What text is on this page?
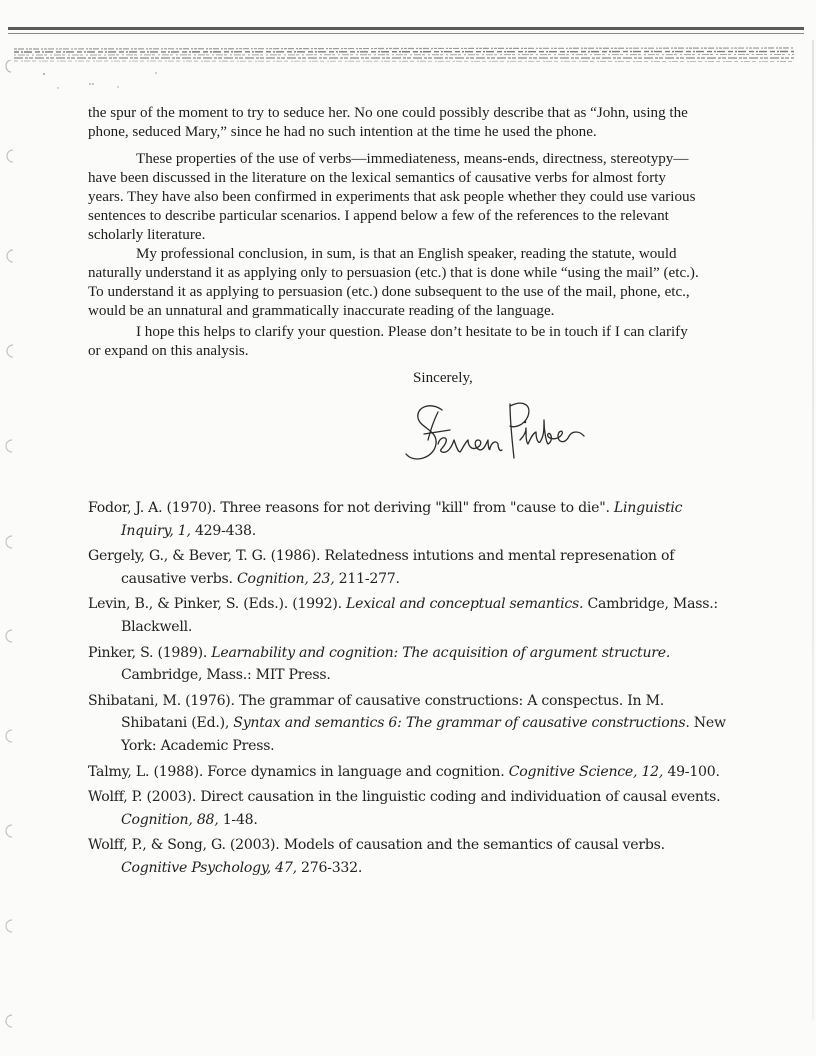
the spur of the moment to try to seduce her. No one could possibly describe that as “John, using the phone, seduced Mary,” since he had no such intention at the time he used the phone.

These properties of the use of verbs—immediateness, means-ends, directness, stereotypy—have been discussed in the literature on the lexical semantics of causative verbs for almost forty years. They have also been confirmed in experiments that ask people whether they could use various sentences to describe particular scenarios. I append below a few of the references to the relevant scholarly literature.

My professional conclusion, in sum, is that an English speaker, reading the statute, would naturally understand it as applying only to persuasion (etc.) that is done while “using the mail” (etc.). To understand it as applying to persuasion (etc.) done subsequent to the use of the mail, phone, etc., would be an unnatural and grammatically inaccurate reading of the language.

I hope this helps to clarify your question. Please don’t hesitate to be in touch if I can clarify or expand on this analysis.

Sincerely,
Fodor, J. A. (1970). Three reasons for not deriving "kill" from "cause to die". Linguistic Inquiry, 1, 429-438.
Gergely, G., & Bever, T. G. (1986). Relatedness intutions and mental represenation of causative verbs. Cognition, 23, 211-277.
Levin, B., & Pinker, S. (Eds.). (1992). Lexical and conceptual semantics. Cambridge, Mass.: Blackwell.
Pinker, S. (1989). Learnability and cognition: The acquisition of argument structure. Cambridge, Mass.: MIT Press.
Shibatani, M. (1976). The grammar of causative constructions: A conspectus. In M. Shibatani (Ed.), Syntax and semantics 6: The grammar of causative constructions. New York: Academic Press.
Talmy, L. (1988). Force dynamics in language and cognition. Cognitive Science, 12, 49-100.
Wolff, P. (2003). Direct causation in the linguistic coding and individuation of causal events. Cognition, 88, 1-48.
Wolff, P., & Song, G. (2003). Models of causation and the semantics of causal verbs. Cognitive Psychology, 47, 276-332.
